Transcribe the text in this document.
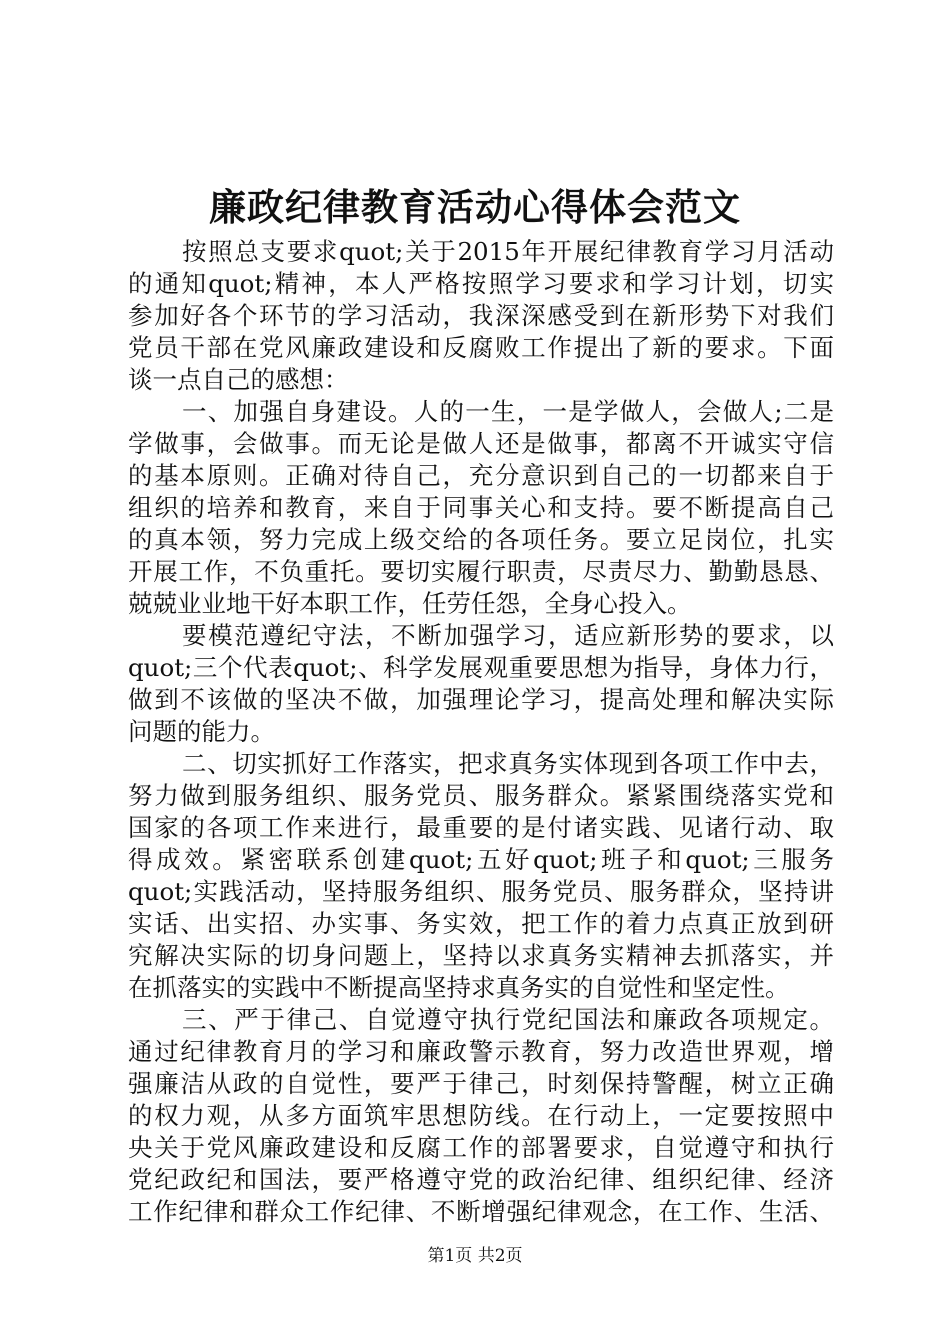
廉政纪律教育活动心得体会范文
按照总支要求quot;关于2015年开展纪律教育学习月活动
的通知quot;精神，本人严格按照学习要求和学习计划，切实
参加好各个环节的学习活动，我深深感受到在新形势下对我们
党员干部在党风廉政建设和反腐败工作提出了新的要求。下面
谈一点自己的感想：
一、加强自身建设。人的一生，一是学做人，会做人;二是
学做事，会做事。而无论是做人还是做事，都离不开诚实守信
的基本原则。正确对待自己，充分意识到自己的一切都来自于
组织的培养和教育，来自于同事关心和支持。要不断提高自己
的真本领，努力完成上级交给的各项任务。要立足岗位，扎实
开展工作，不负重托。要切实履行职责，尽责尽力、勤勤恳恳、
兢兢业业地干好本职工作，任劳任怨，全身心投入。
要模范遵纪守法，不断加强学习，适应新形势的要求，以
quot;三个代表quot;、科学发展观重要思想为指导，身体力行，
做到不该做的坚决不做，加强理论学习，提高处理和解决实际
问题的能力。
二、切实抓好工作落实，把求真务实体现到各项工作中去，
努力做到服务组织、服务党员、服务群众。紧紧围绕落实党和
国家的各项工作来进行，最重要的是付诸实践、见诸行动、取
得成效。紧密联系创建quot;五好quot;班子和quot;三服务
quot;实践活动，坚持服务组织、服务党员、服务群众，坚持讲
实话、出实招、办实事、务实效，把工作的着力点真正放到研
究解决实际的切身问题上，坚持以求真务实精神去抓落实，并
在抓落实的实践中不断提高坚持求真务实的自觉性和坚定性。
三、严于律己、自觉遵守执行党纪国法和廉政各项规定。
通过纪律教育月的学习和廉政警示教育，努力改造世界观，增
强廉洁从政的自觉性，要严于律己，时刻保持警醒，树立正确
的权力观，从多方面筑牢思想防线。在行动上，一定要按照中
央关于党风廉政建设和反腐工作的部署要求，自觉遵守和执行
党纪政纪和国法，要严格遵守党的政治纪律、组织纪律、经济
工作纪律和群众工作纪律、不断增强纪律观念，在工作、生活、
第1页 共2页
